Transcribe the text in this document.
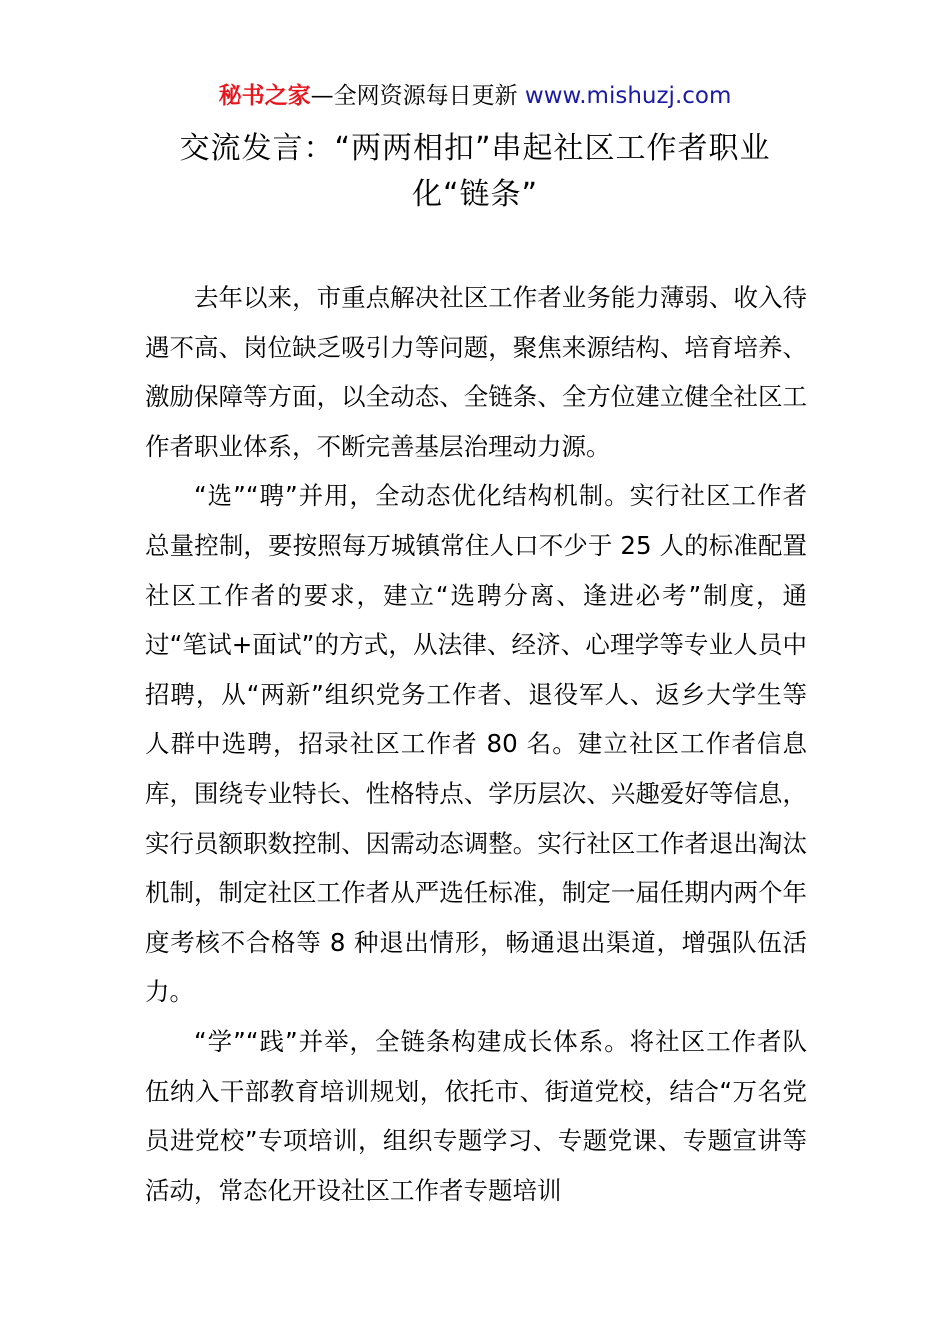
秘书之家—全网资源每日更新 www.mishuzj.com
交流发言：“两两相扣”串起社区工作者职业化“链条”

去年以来，市重点解决社区工作者业务能力薄弱、收入待遇不高、岗位缺乏吸引力等问题，聚焦来源结构、培育培养、激励保障等方面，以全动态、全链条、全方位建立健全社区工作者职业体系，不断完善基层治理动力源。

“选”“聘”并用，全动态优化结构机制。实行社区工作者总量控制，要按照每万城镇常住人口不少于 25 人的标准配置社区工作者的要求，建立“选聘分离、逢进必考”制度，通过“笔试+面试”的方式，从法律、经济、心理学等专业人员中招聘，从“两新”组织党务工作者、退役军人、返乡大学生等人群中选聘，招录社区工作者 80 名。建立社区工作者信息库，围绕专业特长、性格特点、学历层次、兴趣爱好等信息，实行员额职数控制、因需动态调整。实行社区工作者退出淘汰机制，制定社区工作者从严选任标准，制定一届任期内两个年度考核不合格等 8 种退出情形，畅通退出渠道，增强队伍活力。

“学”“践”并举，全链条构建成长体系。将社区工作者队伍纳入干部教育培训规划，依托市、街道党校，结合“万名党员进党校”专项培训，组织专题学习、专题党课、专题宣讲等活动，常态化开设社区工作者专题培训
